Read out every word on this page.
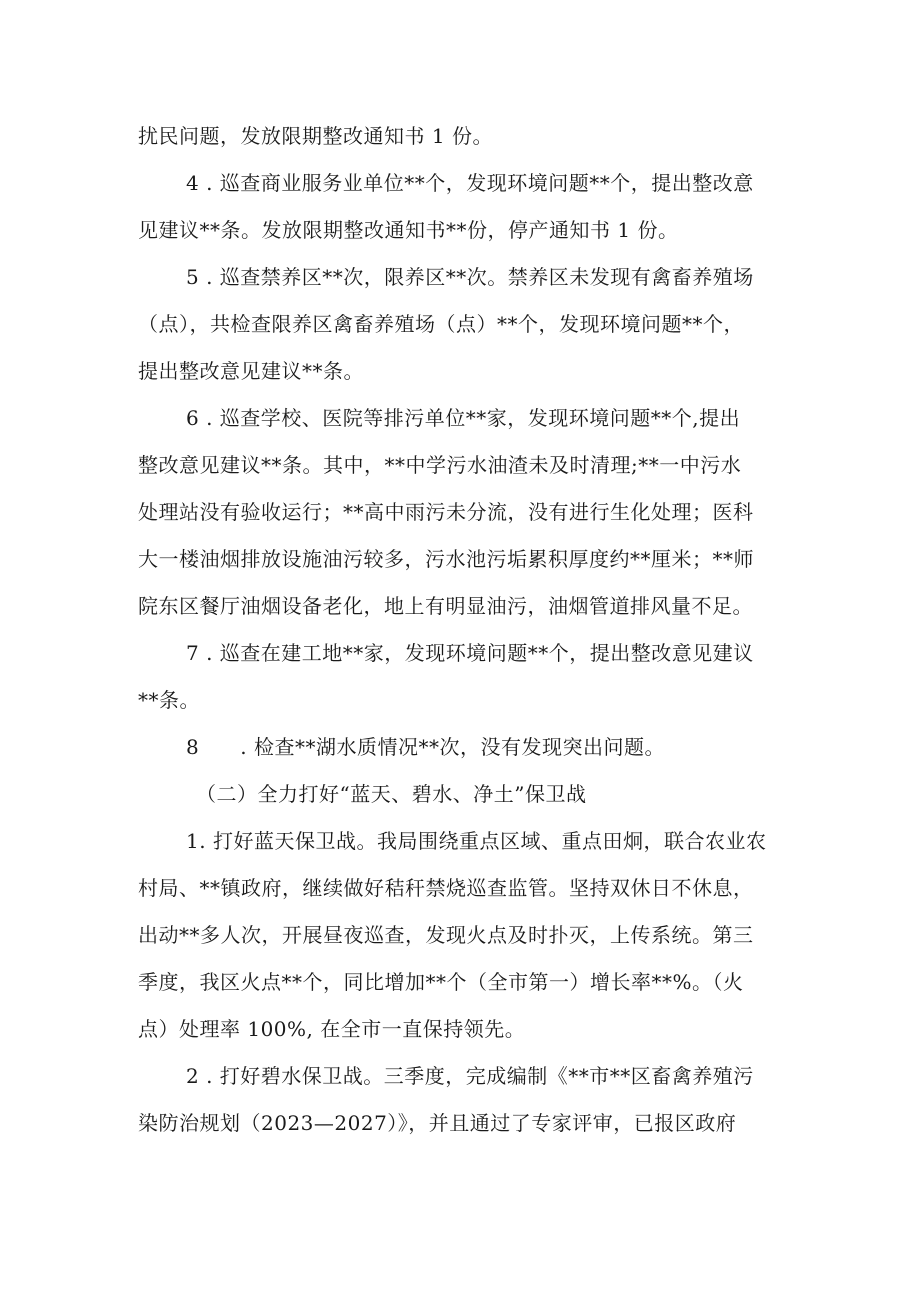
扰民问题，发放限期整改通知书 1 份。
4 . 巡查商业服务业单位**个，发现环境问题**个，提出整改意
见建议**条。发放限期整改通知书**份，停产通知书 1 份。
5 . 巡查禁养区**次，限养区**次。禁养区未发现有禽畜养殖场
（点），共检查限养区禽畜养殖场（点）**个，发现环境问题**个，
提出整改意见建议**条。
6 . 巡查学校、医院等排污单位**家，发现环境问题**个,提出
整改意见建议**条。其中，**中学污水油渣未及时清理;**一中污水
处理站没有验收运行；**高中雨污未分流，没有进行生化处理；医科
大一楼油烟排放设施油污较多，污水池污垢累积厚度约**厘米；**师
院东区餐厅油烟设备老化，地上有明显油污，油烟管道排风量不足。
7 . 巡查在建工地**家，发现环境问题**个，提出整改意见建议
**条。
8　　. 检查**湖水质情况**次，没有发现突出问题。
（二）全力打好“蓝天、碧水、净土”保卫战
1. 打好蓝天保卫战。我局围绕重点区域、重点田炯，联合农业农
村局、**镇政府，继续做好秸秆禁烧巡查监管。坚持双休日不休息，
出动**多人次，开展昼夜巡查，发现火点及时扑灭，上传系统。第三
季度，我区火点**个，同比增加**个（全市第一）增长率**%。（火
点）处理率 100%, 在全市一直保持领先。
2 . 打好碧水保卫战。三季度，完成编制《**市**区畜禽养殖污
染防治规划（2023—2027）》，并且通过了专家评审，已报区政府
